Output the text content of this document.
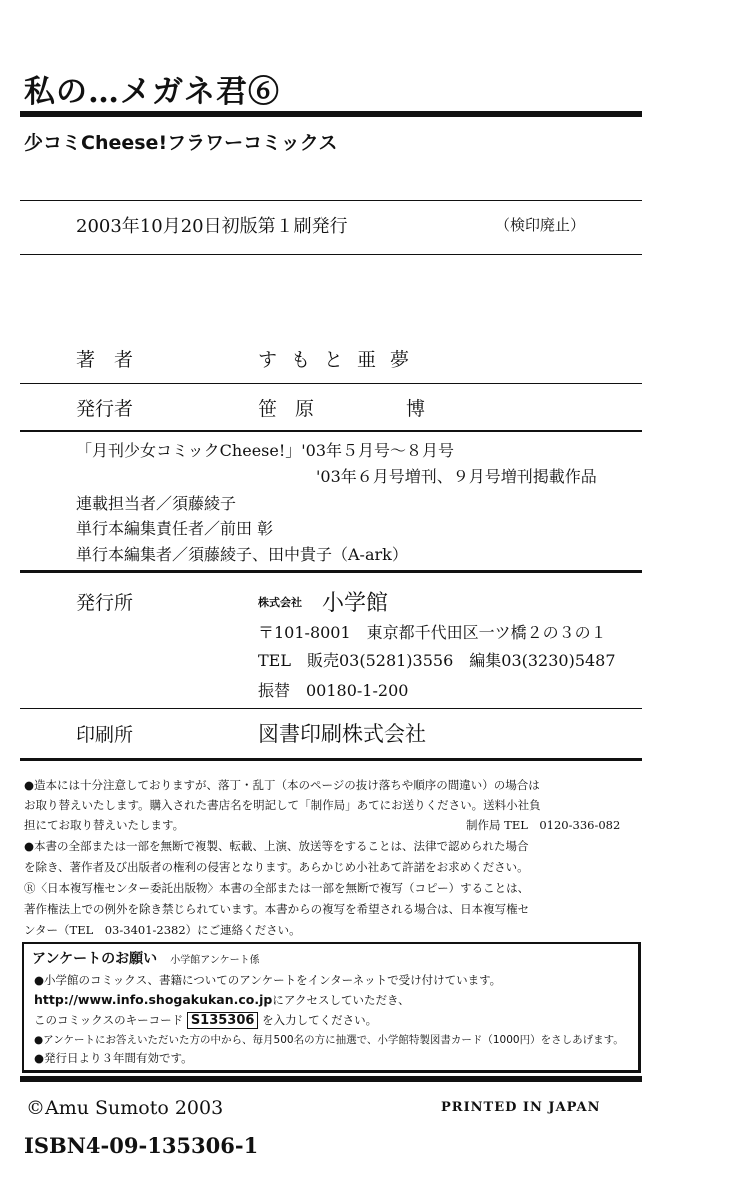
私の…メガネ君⑥
少コミCheese!フラワーコミックス
2003年10月20日初版第１刷発行	（検印廃止）
著　者	すもと亜夢
発行者	笹原　　博
「月刊少女コミックCheese!」'03年５月号～８月号
'03年６月号増刊、９月号増刊掲載作品
連載担当者／須藤綾子
単行本編集責任者／前田 彰
単行本編集者／須藤綾子、田中貴子（A-ark）
発行所	株式会社 小学館
〒101-8001　東京都千代田区一ツ橋２の３の１
TEL　販売03(5281)3556　編集03(3230)5487
振替　00180-1-200
印刷所	図書印刷株式会社
●造本には十分注意しておりますが、落丁・乱丁（本のページの抜け落ちや順序の間違い）の場合は
お取り替えいたします。購入された書店名を明記して「制作局」あてにお送りください。送料小社負
担にてお取り替えいたします。	制作局 TEL　0120-336-082
●本書の全部または一部を無断で複製、転載、上演、放送等をすることは、法律で認められた場合
を除き、著作者及び出版者の権利の侵害となります。あらかじめ小社あて許諾をお求めください。
Ⓡ〈日本複写権センター委託出版物〉本書の全部または一部を無断で複写（コピー）することは、
著作権法上での例外を除き禁じられています。本書からの複写を希望される場合は、日本複写権セ
ンター（TEL　03-3401-2382）にご連絡ください。
アンケートのお願い 小学館アンケート係
●小学館のコミックス、書籍についてのアンケートをインターネットで受け付けています。
http://www.info.shogakukan.co.jpにアクセスしていただき、
このコミックスのキーコード S135306 を入力してください。
●アンケートにお答えいただいた方の中から、毎月500名の方に抽選で、小学館特製図書カード（1000円）をさしあげます。
●発行日より３年間有効です。
©Amu Sumoto 2003	PRINTED IN JAPAN
ISBN4-09-135306-1
